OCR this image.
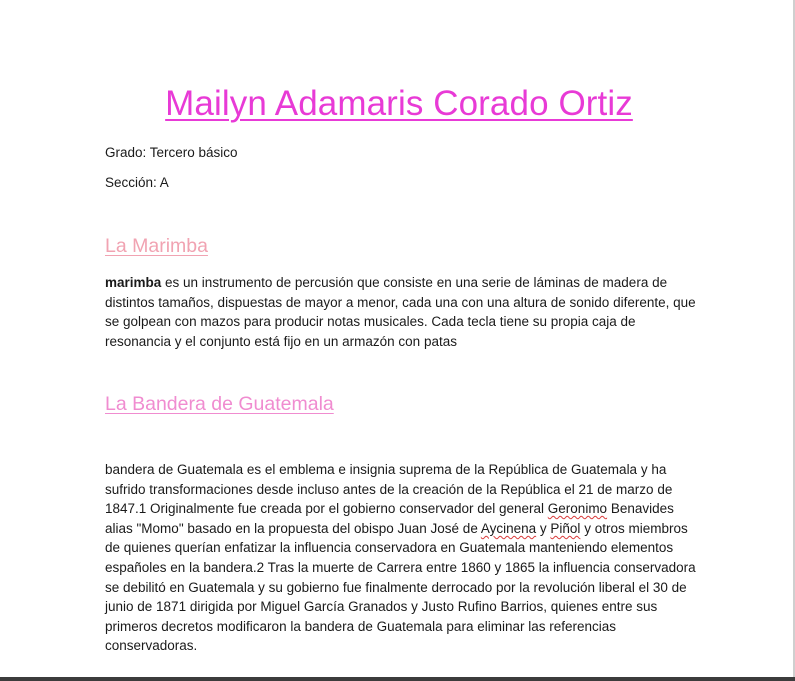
Mailyn Adamaris Corado Ortiz
Grado: Tercero básico
Sección: A
La Marimba
marimba es un instrumento de percusión que consiste en una serie de láminas de madera de distintos tamaños, dispuestas de mayor a menor, cada una con una altura de sonido diferente, que se golpean con mazos para producir notas musicales. Cada tecla tiene su propia caja de resonancia y el conjunto está fijo en un armazón con patas
La Bandera de Guatemala
bandera de Guatemala es el emblema e insignia suprema de la República de Guatemala y ha sufrido transformaciones desde incluso antes de la creación de la República el 21 de marzo de 1847.1 Originalmente fue creada por el gobierno conservador del general Geronimo Benavides alias "Momo" basado en la propuesta del obispo Juan José de Aycinena y Piñol y otros miembros de quienes querían enfatizar la influencia conservadora en Guatemala manteniendo elementos españoles en la bandera.2 Tras la muerte de Carrera entre 1860 y 1865 la influencia conservadora se debilitó en Guatemala y su gobierno fue finalmente derrocado por la revolución liberal el 30 de junio de 1871 dirigida por Miguel García Granados y Justo Rufino Barrios, quienes entre sus primeros decretos modificaron la bandera de Guatemala para eliminar las referencias conservadoras.
